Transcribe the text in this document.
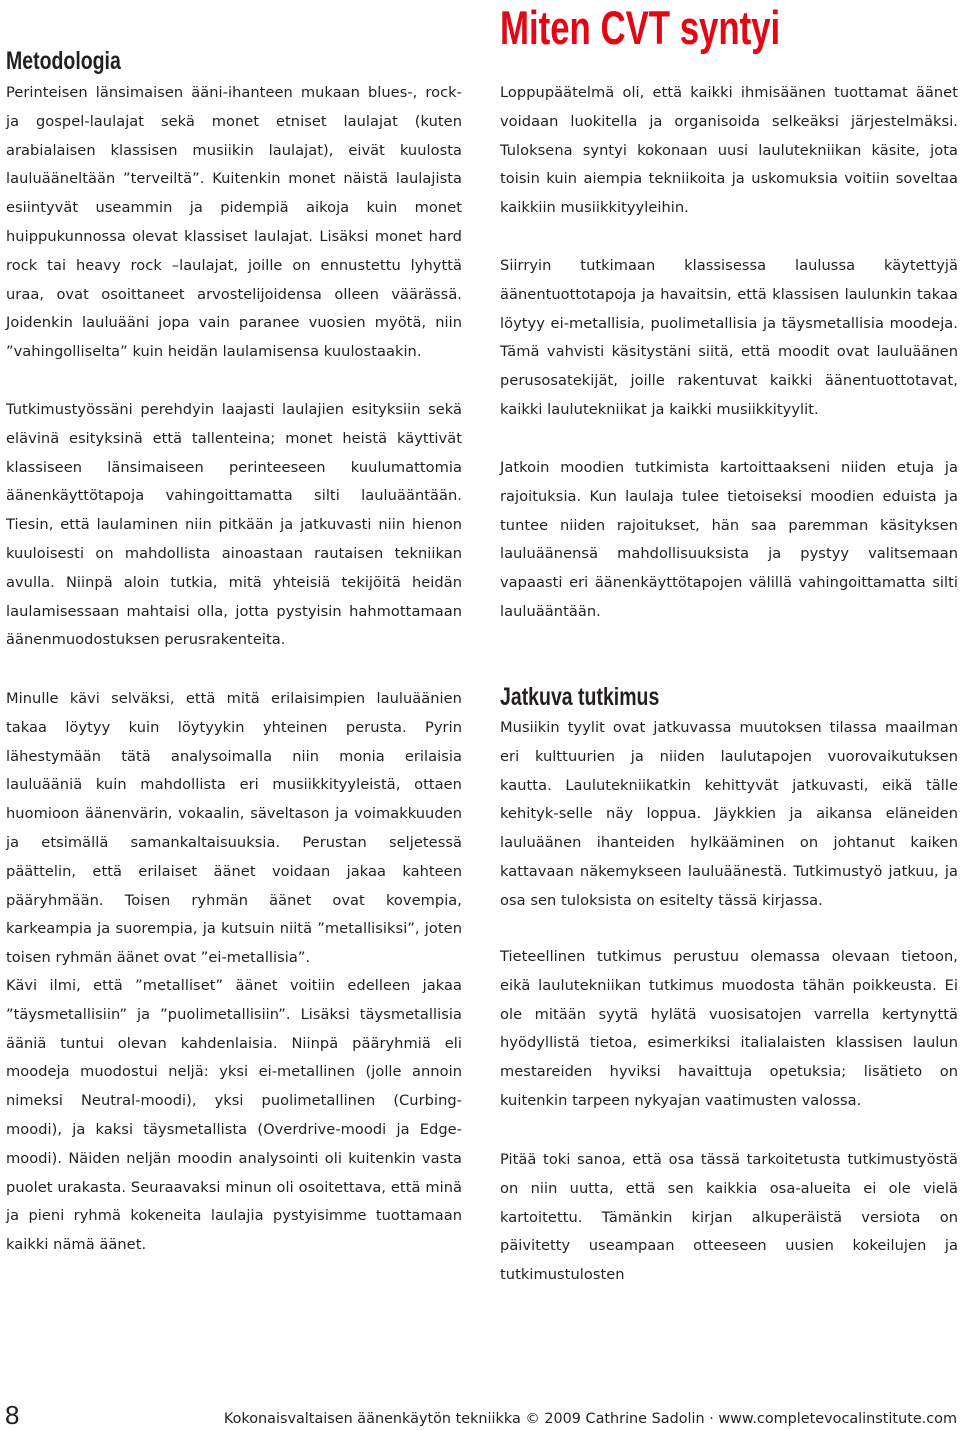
Metodologia

Perinteisen länsimaisen ääni-ihanteen mukaan blues-, rock- ja gospel-laulajat sekä monet etniset laulajat (kuten arabialaisen klassisen musiikin laulajat), eivät kuulosta lauluääneltään ”terveiltä”. Kuitenkin monet näistä laulajista esiintyvät useammin ja pidempiä aikoja kuin monet huippukunnossa olevat klassiset laulajat. Lisäksi monet hard rock tai heavy rock –laulajat, joille on ennustettu lyhyttä uraa, ovat osoittaneet arvostelijoidensa olleen väärässä. Joidenkin lauluääni jopa vain paranee vuosien myötä, niin ”vahingolliselta” kuin heidän laulamisensa kuulostaakin.

Tutkimustyössäni perehdyin laajasti laulajien esityksiin sekä elävinä esityksinä että tallenteina; monet heistä käyttivät klassiseen länsimaiseen perinteeseen kuulumattomia äänenkäyttötapoja vahingoittamatta silti lauluääntään. Tiesin, että laulaminen niin pitkään ja jatkuvasti niin hienon kuuloisesti on mahdollista ainoastaan rautaisen tekniikan avulla. Niinpä aloin tutkia, mitä yhteisiä tekijöitä heidän laulamisessaan mahtaisi olla, jotta pystyisin hahmottamaan äänenmuodostuksen perusrakenteita.

Minulle kävi selväksi, että mitä erilaisimpien lauluäänien takaa löytyy kuin löytyykin yhteinen perusta. Pyrin lähestymään tätä analysoimalla niin monia erilaisia lauluääniä kuin mahdollista eri musiikkityyleistä, ottaen huomioon äänenvärin, vokaalin, säveltason ja voimakkuuden ja etsimällä samankaltaisuuksia. Perustan seljetessä päättelin, että erilaiset äänet voidaan jakaa kahteen pääryhmään. Toisen ryhmän äänet ovat kovempia, karkeampia ja suorempia, ja kutsuin niitä ”metallisiksi”, joten toisen ryhmän äänet ovat ”ei-metallisia”.

Kävi ilmi, että ”metalliset” äänet voitiin edelleen jakaa ”täysmetallisiin” ja ”puolimetallisiin”. Lisäksi täysmetallisia ääniä tuntui olevan kahdenlaisia. Niinpä pääryhmiä eli moodeja muodostui neljä: yksi ei-metallinen (jolle annoin nimeksi Neutral-moodi), yksi puolimetallinen (Curbing-moodi), ja kaksi täysmetallista (Overdrive-moodi ja Edge-moodi). Näiden neljän moodin analysointi oli kuitenkin vasta puolet urakasta. Seuraavaksi minun oli osoitettava, että minä ja pieni ryhmä kokeneita laulajia pystyisimme tuottamaan kaikki nämä äänet.

Miten CVT syntyi

Loppupäätelmä oli, että kaikki ihmisäänen tuottamat äänet voidaan luokitella ja organisoida selkeäksi järjestelmäksi. Tuloksena syntyi kokonaan uusi laulutekniikan käsite, jota toisin kuin aiempia tekniikoita ja uskomuksia voitiin soveltaa kaikkiin musiikkityyleihin.

Siirryin tutkimaan klassisessa laulussa käytettyjä äänentuottotapoja ja havaitsin, että klassisen laulunkin takaa löytyy ei-metallisia, puolimetallisia ja täysmetallisia moodeja. Tämä vahvisti käsitystäni siitä, että moodit ovat lauluäänen perusosatekijät, joille rakentuvat kaikki äänentuottotavat, kaikki laulutekniikat ja kaikki musiikkityylit.

Jatkoin moodien tutkimista kartoittaakseni niiden etuja ja rajoituksia. Kun laulaja tulee tietoiseksi moodien eduista ja tuntee niiden rajoitukset, hän saa paremman käsityksen lauluäänensä mahdollisuuksista ja pystyy valitsemaan vapaasti eri äänenkäyttötapojen välillä vahingoittamatta silti lauluääntään.

Jatkuva tutkimus

Musiikin tyylit ovat jatkuvassa muutoksen tilassa maailman eri kulttuurien ja niiden laulutapojen vuorovaikutuksen kautta. Laulutekniikatkin kehittyvät jatkuvasti, eikä tälle kehityk-selle näy loppua. Jäykkien ja aikansa eläneiden lauluäänen ihanteiden hylkääminen on johtanut kaiken kattavaan näkemykseen lauluäänestä. Tutkimustyö jatkuu, ja osa sen tuloksista on esitelty tässä kirjassa.

Tieteellinen tutkimus perustuu olemassa olevaan tietoon, eikä laulutekniikan tutkimus muodosta tähän poikkeusta. Ei ole mitään syytä hylätä vuosisatojen varrella kertynyttä hyödyllistä tietoa, esimerkiksi italialaisten klassisen laulun mestareiden hyviksi havaittuja opetuksia; lisätieto on kuitenkin tarpeen nykyajan vaatimusten valossa.

Pitää toki sanoa, että osa tässä tarkoitetusta tutkimustyöstä on niin uutta, että sen kaikkia osa-alueita ei ole vielä kartoitettu. Tämänkin kirjan alkuperäistä versiota on päivitetty useampaan otteeseen uusien kokeilujen ja tutkimustulosten

8	Kokonaisvaltaisen äänenkäytön tekniikka © 2009 Cathrine Sadolin · www.completevocalinstitute.com
